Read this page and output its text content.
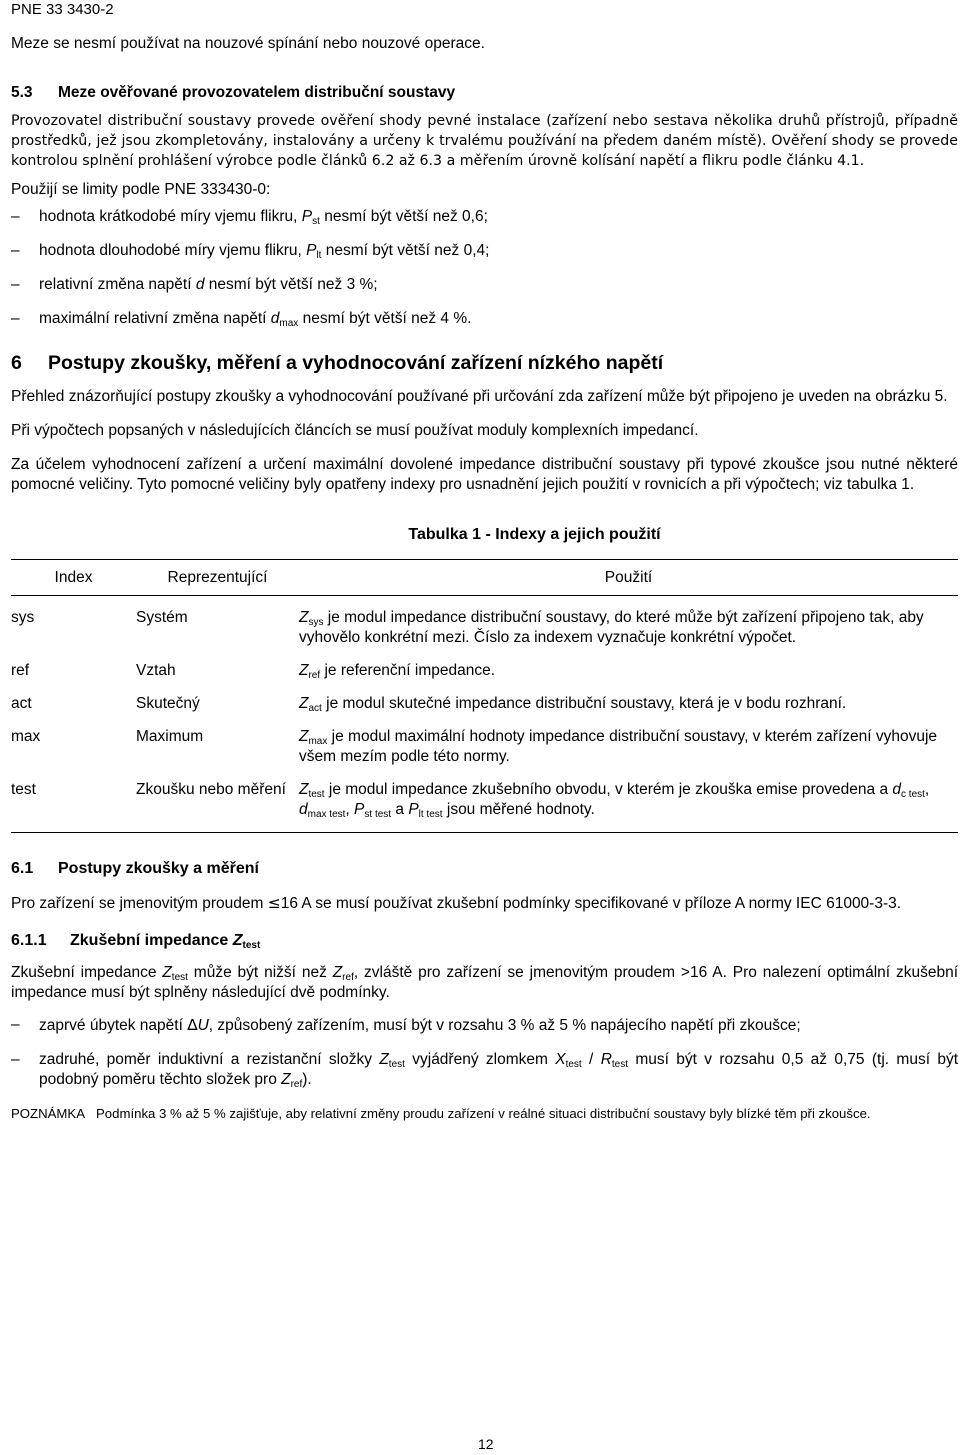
PNE 33 3430-2

Meze se nesmí používat na nouzové spínání nebo nouzové operace.

5.3	Meze ověřované provozovatelem distribuční soustavy

Provozovatel distribuční soustavy provede ověření shody pevné instalace (zařízení nebo sestava několika druhů přístrojů, případně prostředků, jež jsou zkompletovány, instalovány a určeny k trvalému používání na předem daném místě). Ověření shody se provede kontrolou splnění prohlášení výrobce podle článků 6.2 až 6.3 a měřením úrovně kolísání napětí a flikru podle článku 4.1.

Použijí se limity podle PNE 333430-0:

– hodnota krátkodobé míry vjemu flikru, $P_{st}$ nesmí být větší než 0,6;
– hodnota dlouhodobé míry vjemu flikru, $P_{lt}$ nesmí být větší než 0,4;
– relativní změna napětí d nesmí být větší než 3 %;
– maximální relativní změna napětí $d_{max}$ nesmí být větší než 4 %.
6	Postupy zkoušky, měření a vyhodnocování zařízení nízkého napětí

Přehled znázorňující postupy zkoušky a vyhodnocování používané při určování zda zařízení může být připojeno je uveden na obrázku 5.

Při výpočtech popsaných v následujících článcích se musí používat moduly komplexních impedancí.

Za účelem vyhodnocení zařízení a určení maximální dovolené impedance distribuční soustavy při typové zkoušce jsou nutné některé pomocné veličiny. Tyto pomocné veličiny byly opatřeny indexy pro usnadnění jejich použití v rovnicích a při výpočtech; viz tabulka 1.

Tabulka 1 - Indexy a jejich použití
Index	Reprezentující	Použití
sys	Systém	$Z_{sys}$ je modul impedance distribuční soustavy, do které může být zařízení připojeno tak, aby vyhovělo konkrétní mezi. Číslo za indexem vyznačuje konkrétní výpočet.
ref	Vztah	$Z_{ref}$ je referenční impedance.
act	Skutečný	$Z_{act}$ je modul skutečné impedance distribuční soustavy, která je v bodu rozhraní.
max	Maximum	$Z_{max}$ je modul maximální hodnoty impedance distribuční soustavy, v kterém zařízení vyhovuje všem mezím podle této normy.
test	Zkoušku nebo měření	$Z_{test}$ je modul impedance zkušebního obvodu, v kterém je zkouška emise provedena a $d_{c test}$, $d_{max test}$, $P_{st test}$ a $P_{lt test}$ jsou měřené hodnoty.
6.1	Postupy zkoušky a měření

Pro zařízení se jmenovitým proudem ≤16 A se musí používat zkušební podmínky specifikované v příloze A normy IEC 61000-3-3.

6.1.1	Zkušební impedance $Z_{test}$

Zkušební impedance $Z_{test}$ může být nižší než $Z_{ref}$, zvláště pro zařízení se jmenovitým proudem >16 A. Pro nalezení optimální zkušební impedance musí být splněny následující dvě podmínky.

– zaprvé úbytek napětí ∆U, způsobený zařízením, musí být v rozsahu 3 % až 5 % napájecího napětí při zkoušce;
– zadruhé, poměr induktivní a rezistanční složky $Z_{test}$ vyjádřený zlomkem $X_{test} / R_{test}$ musí být v rozsahu 0,5 až 0,75 (tj. musí být podobný poměru těchto složek pro $Z_{ref}$).

POZNÁMKA Podmínka 3 % až 5 % zajišťuje, aby relativní změny proudu zařízení v reálné situaci distribuční soustavy byly blízké těm při zkoušce.

12
